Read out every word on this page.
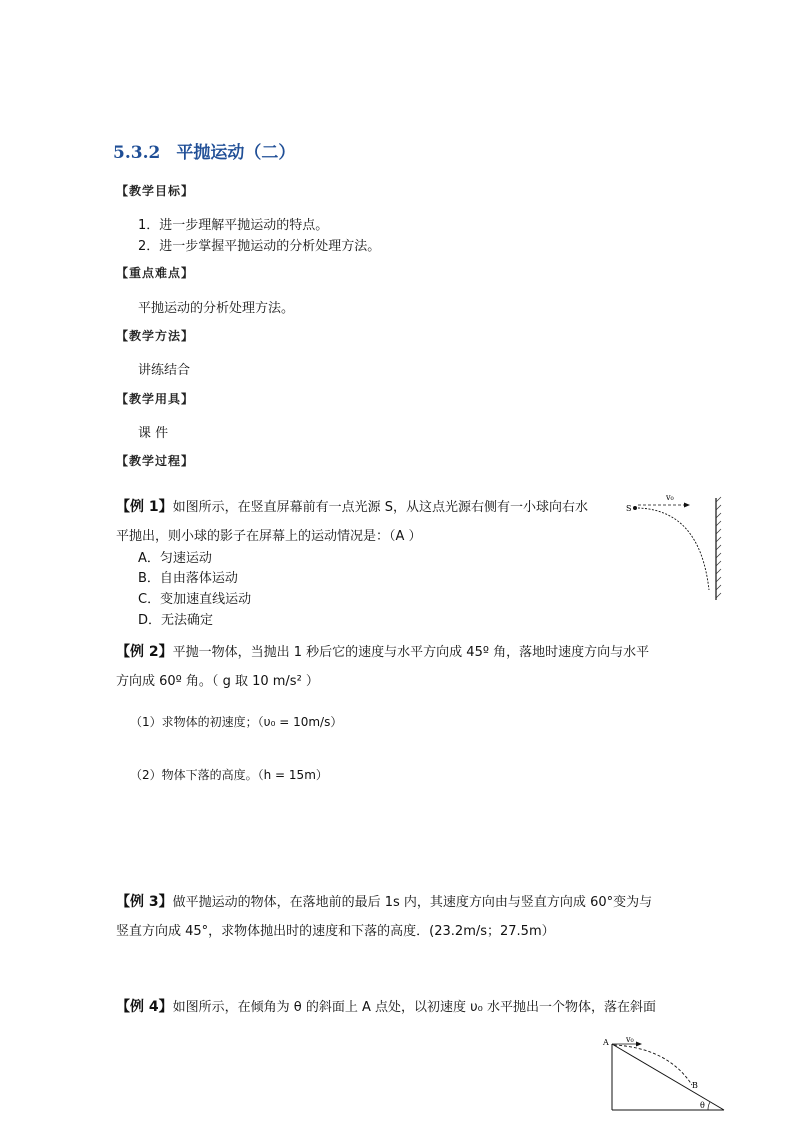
5.3.2 平抛运动（二）
【教学目标】
1．进一步理解平抛运动的特点。
2．进一步掌握平抛运动的分析处理方法。
【重点难点】
平抛运动的分析处理方法。
【教学方法】
讲练结合
【教学用具】
课 件
【教学过程】
【例 1】如图所示，在竖直屏幕前有一点光源 S，从这点光源右侧有一小球向右水
平抛出，则小球的影子在屏幕上的运动情况是：（A ）
A．匀速运动
B．自由落体运动
C．变加速直线运动
D．无法确定
S
v₀
【例 2】平抛一物体，当抛出 1 秒后它的速度与水平方向成 45º 角，落地时速度方向与水平
方向成 60º 角。（ g 取 10 m/s² ）
（1）求物体的初速度；（υ₀ = 10m/s）
（2）物体下落的高度。（h = 15m）
【例 3】做平抛运动的物体，在落地前的最后 1s 内，其速度方向由与竖直方向成 60°变为与
竖直方向成 45°，求物体抛出时的速度和下落的高度．(23.2m/s；27.5m）
【例 4】如图所示，在倾角为 θ 的斜面上 A 点处，以初速度 υ₀ 水平抛出一个物体，落在斜面
A v₀
B
θ
